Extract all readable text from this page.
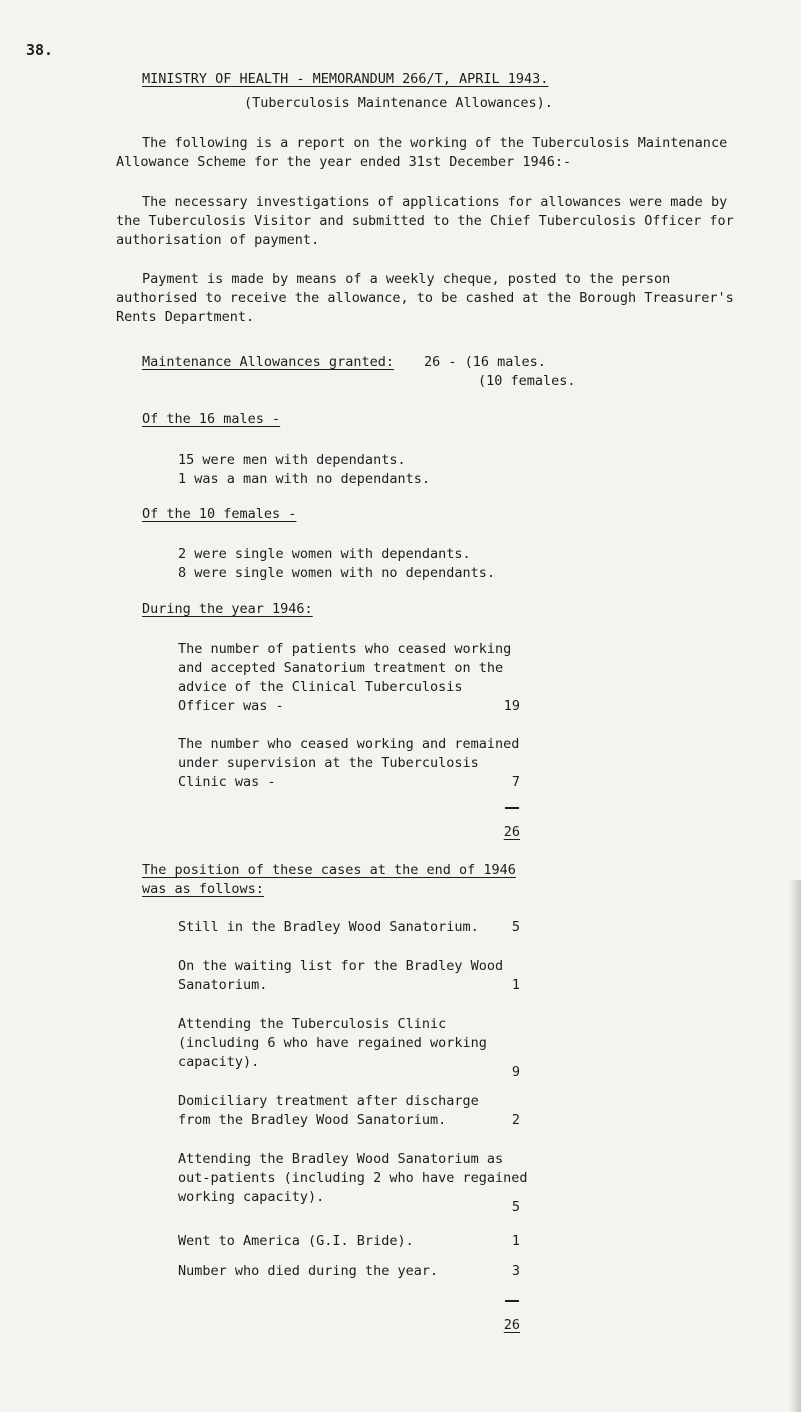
38.
MINISTRY OF HEALTH - MEMORANDUM 266/T, APRIL 1943.
(Tuberculosis Maintenance Allowances).
The following is a report on the working of the Tuberculosis Maintenance
Allowance Scheme for the year ended 31st December 1946:-
The necessary investigations of applications for allowances were made by
the Tuberculosis Visitor and submitted to the Chief Tuberculosis Officer for
authorisation of payment.
Payment is made by means of a weekly cheque, posted to the person
authorised to receive the allowance, to be cashed at the Borough Treasurer's
Rents Department.
Maintenance Allowances granted: 26 - (16 males.
(10 females.
Of the 16 males -
15 were men with dependants.
1 was a man with no dependants.
Of the 10 females -
2 were single women with dependants.
8 were single women with no dependants.
During the year 1946:
The number of patients who ceased working
and accepted Sanatorium treatment on the
advice of the Clinical Tuberculosis
Officer was -	19
The number who ceased working and remained
under supervision at the Tuberculosis
Clinic was -	7
26
The position of these cases at the end of 1946
was as follows:
Still in the Bradley Wood Sanatorium.	5
On the waiting list for the Bradley Wood
Sanatorium.	1
Attending the Tuberculosis Clinic
(including 6 who have regained working
capacity).
9
Domiciliary treatment after discharge
from the Bradley Wood Sanatorium.	2
Attending the Bradley Wood Sanatorium as
out-patients (including 2 who have regained
working capacity).
5
Went to America (G.I. Bride).	1
Number who died during the year.	3
26
